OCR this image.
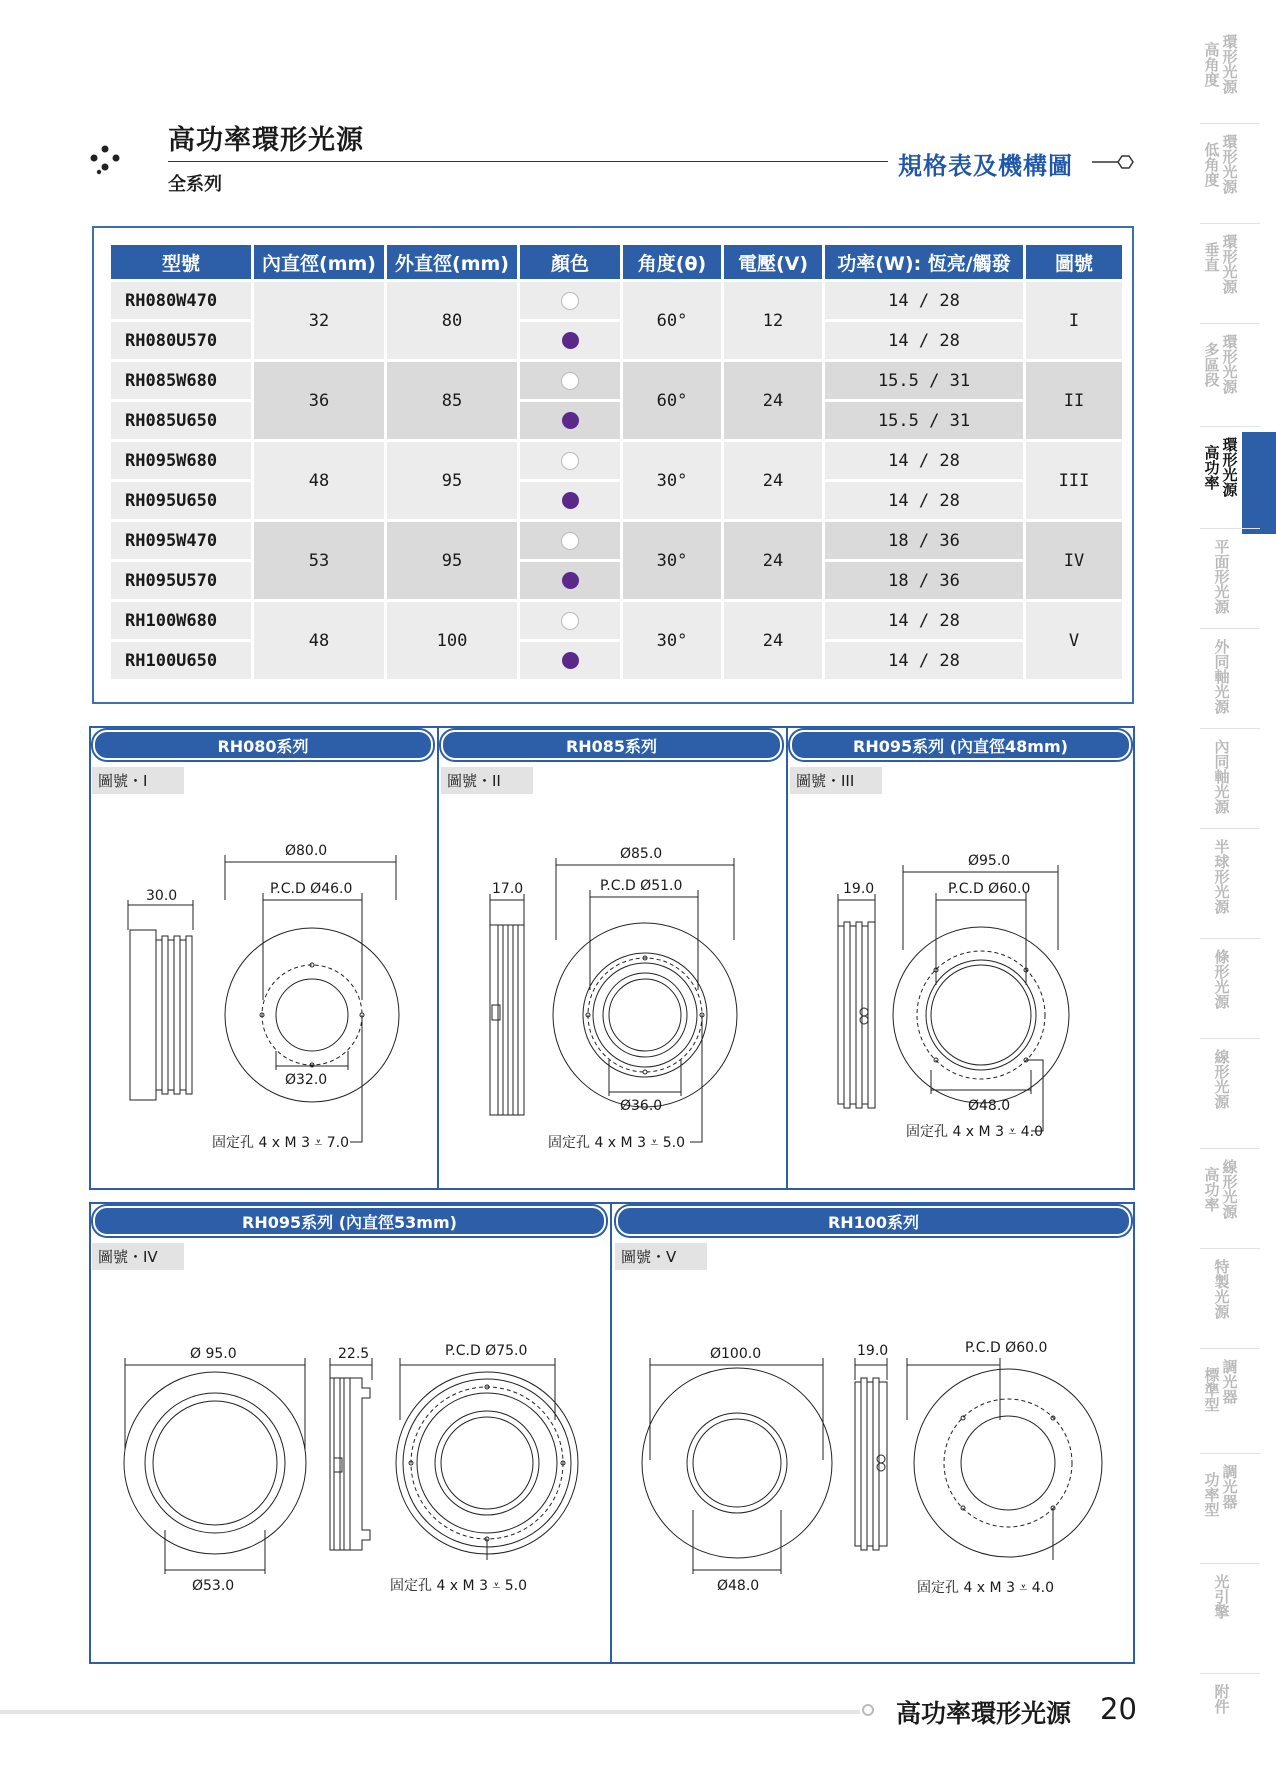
高功率環形光源
全系列
規格表及機構圖
型號	內直徑(mm)	外直徑(mm)	顏色	角度(θ)	電壓(V)	功率(W): 恆亮/觸發	圖號
RH080W470	32	80		60°	12	14 / 28	I
RH080U570						14 / 28	
RH085W680	36	85		60°	24	15.5 / 31	II
RH085U650						15.5 / 31	
RH095W680	48	95		30°	24	14 / 28	III
RH095U650						14 / 28	
RH095W470	53	95		30°	24	18 / 36	IV
RH095U570						18 / 36	
RH100W680	48	100		30°	24	14 / 28	V
RH100U650						14 / 28	
RH080系列	RH085系列	RH095系列 (內直徑48mm)
圖號・I	圖號・II	圖號・III
Ø80.0
P.C.D Ø46.0
30.0
Ø32.0
固定孔 4 x M 3 ⩡ 7.0
Ø85.0
P.C.D Ø51.0
17.0
Ø36.0
固定孔 4 x M 3 ⩡ 5.0
Ø95.0
P.C.D Ø60.0
19.0
Ø48.0
固定孔 4 x M 3 ⩡ 4.0
RH095系列 (內直徑53mm)	RH100系列
圖號・IV	圖號・V
Ø 95.0	22.5	P.C.D Ø75.0
Ø53.0	固定孔 4 x M 3 ⩡ 5.0
Ø100.0	19.0	P.C.D Ø60.0
Ø48.0	固定孔 4 x M 3 ⩡ 4.0
高
角
度
環
形
光
源
低
角
度
環
形
光
源
垂
直
環
形
光
源
多
區
段
環
形
光
源
高
功
率
環
形
光
源
平
面
形
光
源
外
同
軸
光
源
內
同
軸
光
源
半
球
形
光
源
條
形
光
源
線
形
光
源
高
功
率
線
形
光
源
特
製
光
源
標
準
型
調
光
器
功
率
型
調
光
器
光
引
擎
附
件
高功率環形光源 20
